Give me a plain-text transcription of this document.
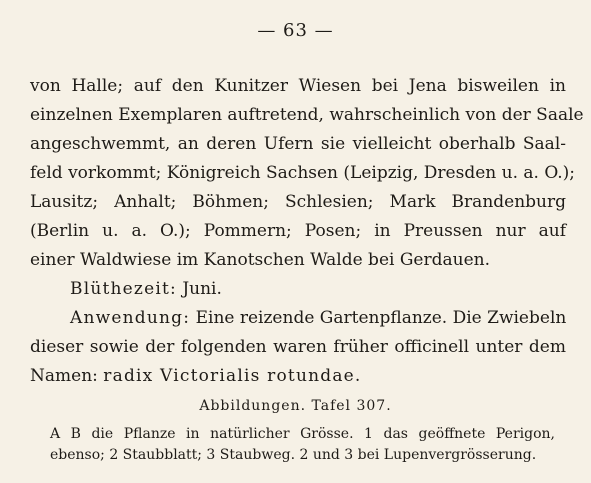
— 63 —
von Halle; auf den Kunitzer Wiesen bei Jena bisweilen in
einzelnen Exemplaren auftretend, wahrscheinlich von der Saale
angeschwemmt, an deren Ufern sie vielleicht oberhalb Saal-
feld vorkommt; Königreich Sachsen (Leipzig, Dresden u. a. O.);
Lausitz; Anhalt; Böhmen; Schlesien; Mark Brandenburg
(Berlin u. a. O.); Pommern; Posen; in Preussen nur auf
einer Waldwiese im Kanotschen Walde bei Gerdauen.
Blüthezeit: Juni.
Anwendung: Eine reizende Gartenpflanze. Die Zwiebeln
dieser sowie der folgenden waren früher officinell unter dem
Namen: radix Victorialis rotundae.
Abbildungen. Tafel 307.
A B die Pflanze in natürlicher Grösse. 1 das geöffnete Perigon,
ebenso; 2 Staubblatt; 3 Staubweg. 2 und 3 bei Lupenvergrösserung.
